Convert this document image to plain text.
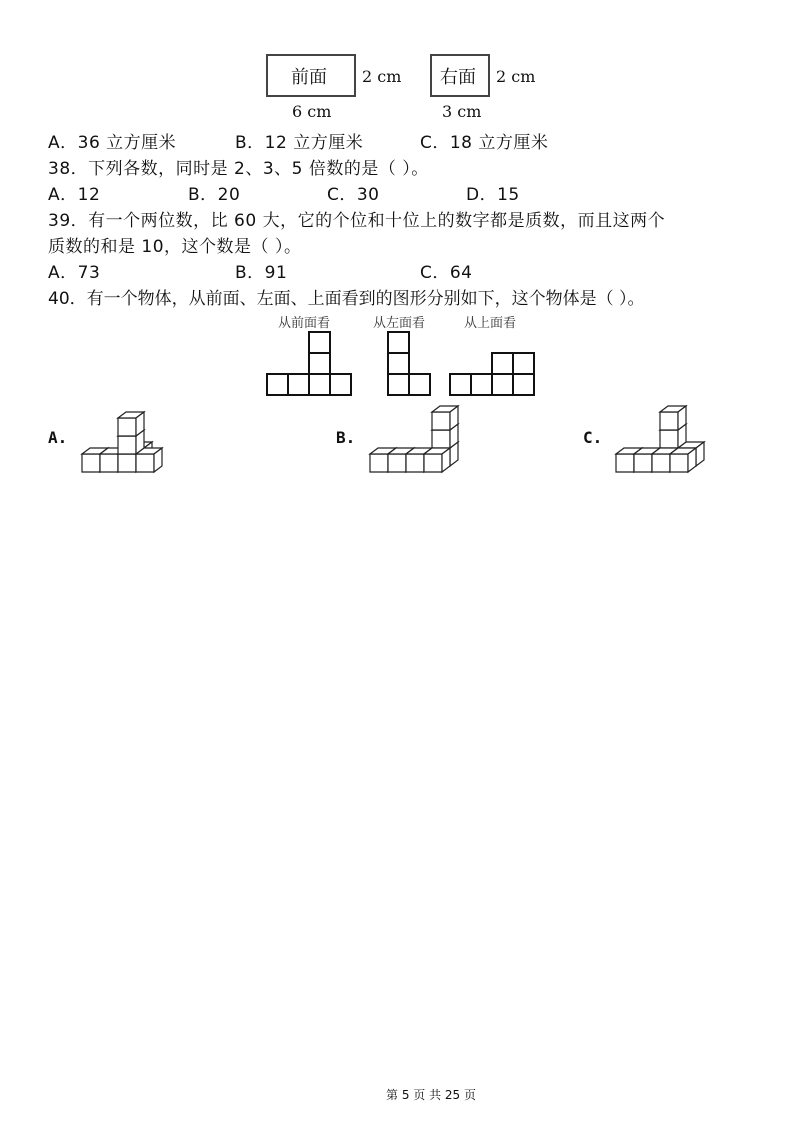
前面 2 cm
6 cm
右面 2 cm
3 cm
A．36 立方厘米	B．12 立方厘米	C．18 立方厘米
38．下列各数，同时是 2、3、5 倍数的是（ ）。
A．12	B．20	C．30	D．15
39．有一个两位数，比 60 大，它的个位和十位上的数字都是质数，而且这两个
质数的和是 10，这个数是（ ）。
A．73	B．91	C．64
40．有一个物体，从前面、左面、上面看到的图形分别如下，这个物体是（ ）。
从前面看	从左面看	从上面看
A.	B.	C.
第 5 页 共 25 页
